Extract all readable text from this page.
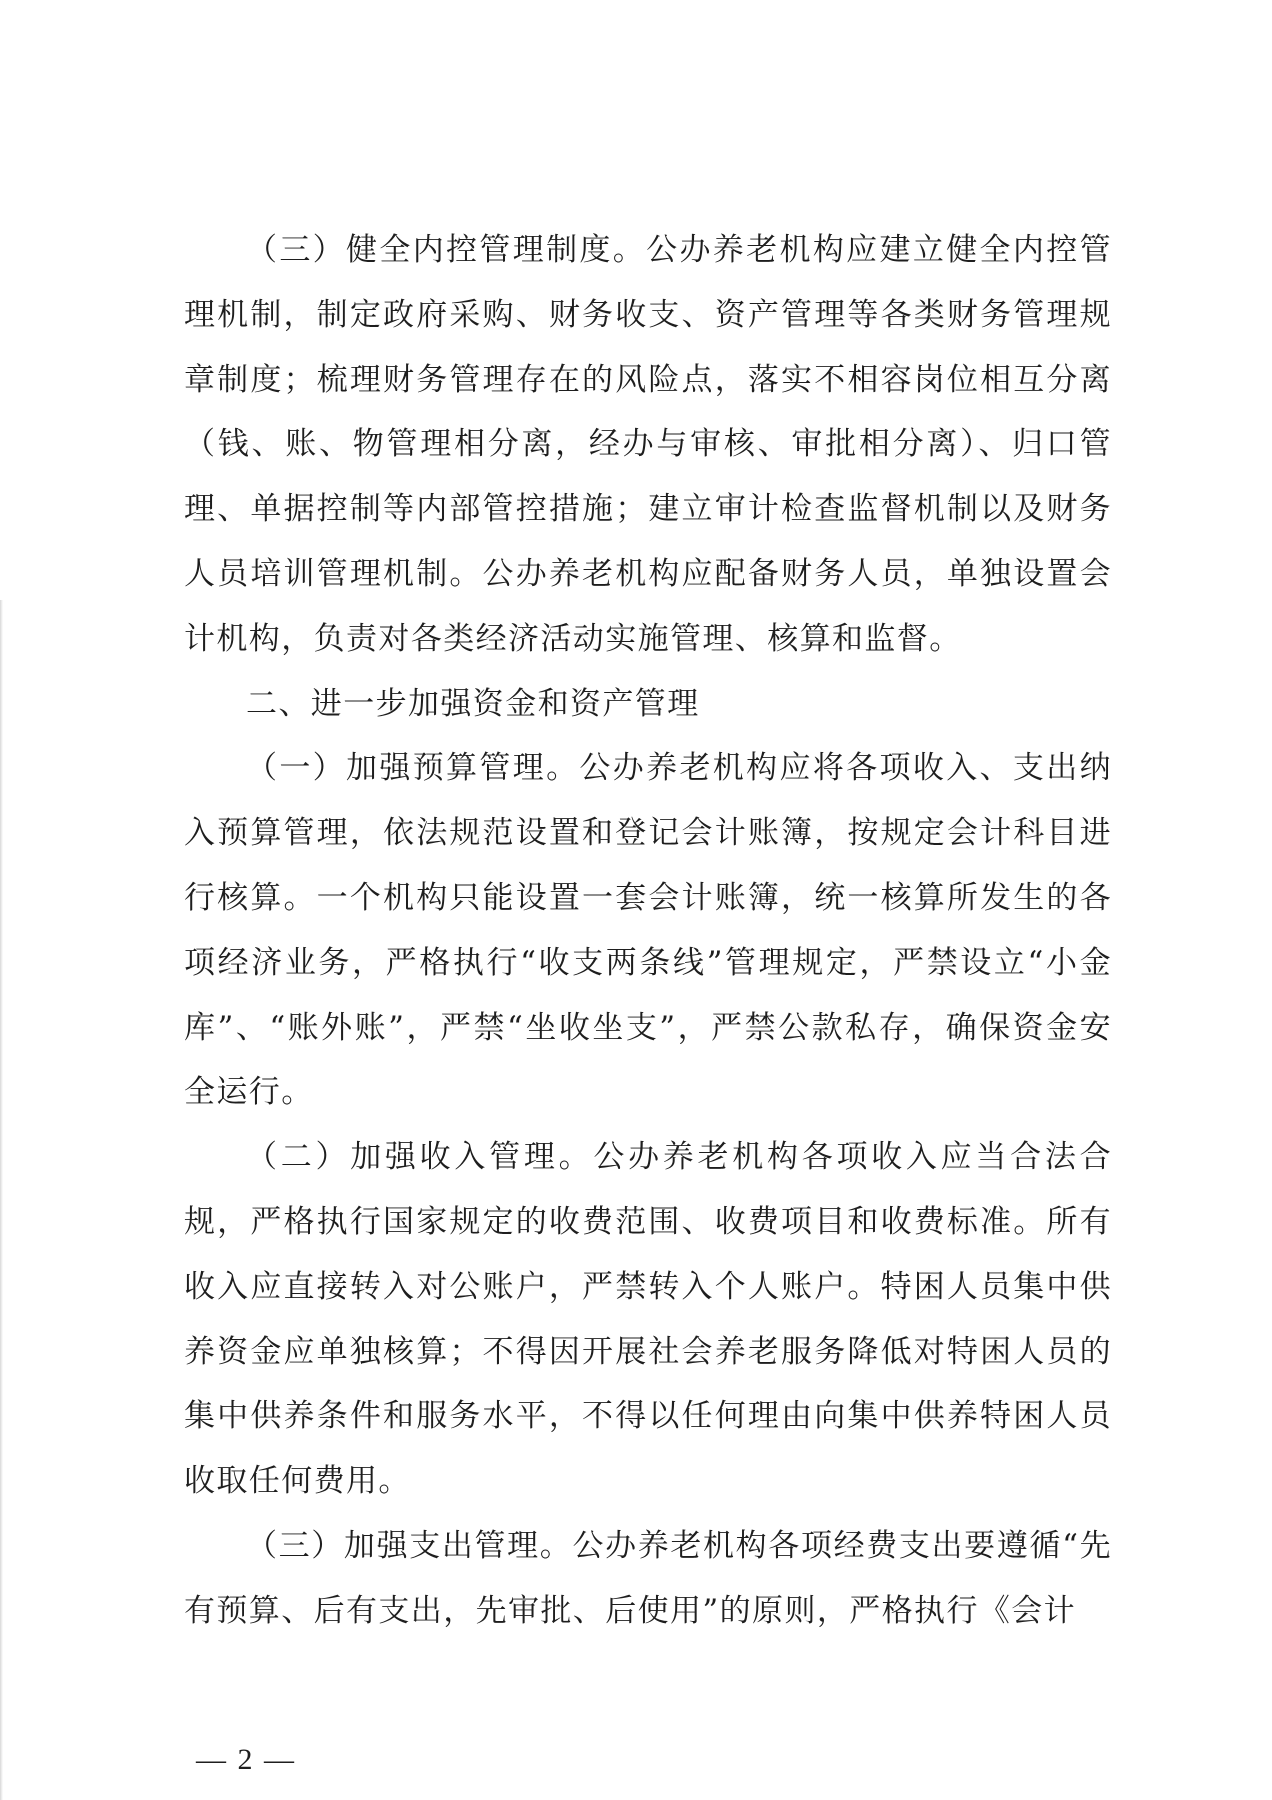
（三）健全内控管理制度。公办养老机构应建立健全内控管理机制，制定政府采购、财务收支、资产管理等各类财务管理规章制度；梳理财务管理存在的风险点，落实不相容岗位相互分离（钱、账、物管理相分离，经办与审核、审批相分离）、归口管理、单据控制等内部管控措施；建立审计检查监督机制以及财务人员培训管理机制。公办养老机构应配备财务人员，单独设置会计机构，负责对各类经济活动实施管理、核算和监督。

二、进一步加强资金和资产管理

（一）加强预算管理。公办养老机构应将各项收入、支出纳入预算管理，依法规范设置和登记会计账簿，按规定会计科目进行核算。一个机构只能设置一套会计账簿，统一核算所发生的各项经济业务，严格执行“收支两条线”管理规定，严禁设立“小金库”、“账外账”，严禁“坐收坐支”，严禁公款私存，确保资金安全运行。

（二）加强收入管理。公办养老机构各项收入应当合法合规，严格执行国家规定的收费范围、收费项目和收费标准。所有收入应直接转入对公账户，严禁转入个人账户。特困人员集中供养资金应单独核算；不得因开展社会养老服务降低对特困人员的集中供养条件和服务水平，不得以任何理由向集中供养特困人员收取任何费用。

（三）加强支出管理。公办养老机构各项经费支出要遵循“先有预算、后有支出，先审批、后使用”的原则，严格执行《会计

— 2 —
